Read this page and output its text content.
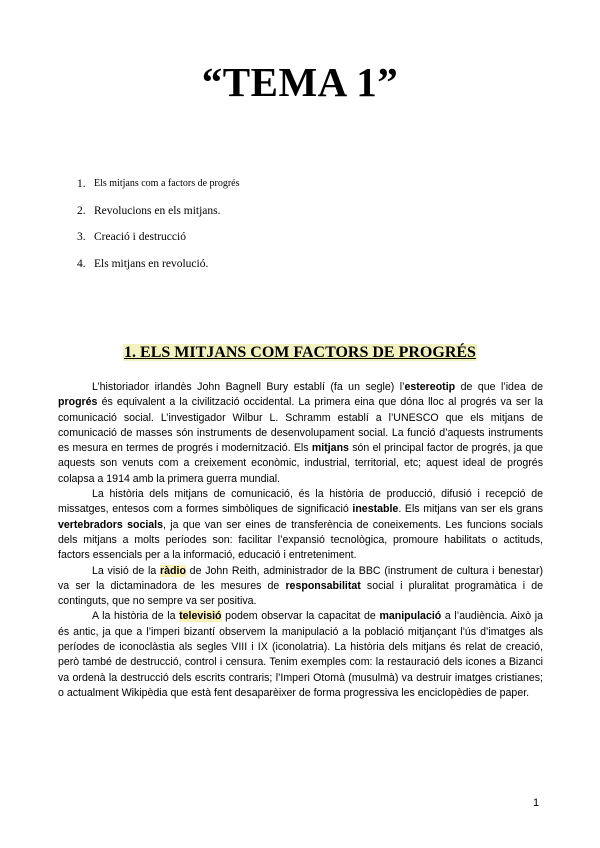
“TEMA 1”
1. Els mitjans com a factors de progrés
2. Revolucions en els mitjans.
3. Creació i destrucció
4. Els mitjans en revolució.
1. ELS MITJANS COM FACTORS DE PROGRÉS

L’historiador irlandès John Bagnell Bury establí (fa un segle) l’estereotip de que l’idea de progrés és equivalent a la civilització occidental. La primera eina que dóna lloc al progrés va ser la comunicació social. L’investigador Wilbur L. Schramm establí a l’UNESCO que els mitjans de comunicació de masses són instruments de desenvolupament social. La funció d’aquests instruments es mesura en termes de progrés i modernització. Els mitjans són el principal factor de progrés, ja que aquests son venuts com a creixement econòmic, industrial, territorial, etc; aquest ideal de progrés colapsa a 1914 amb la primera guerra mundial.

La història dels mitjans de comunicació, és la història de producció, difusió i recepció de missatges, entesos com a formes simbòliques de significació inestable. Els mitjans van ser els grans vertebradors socials, ja que van ser eines de transferència de coneixements. Les funcions socials dels mitjans a molts períodes son: facilitar l’expansió tecnològica, promoure habilitats o actituds, factors essencials per a la informació, educació i entreteniment.

La visió de la ràdio de John Reith, administrador de la BBC (instrument de cultura i benestar) va ser la dictaminadora de les mesures de responsabilitat social i pluralitat programàtica i de continguts, que no sempre va ser positiva.

A la història de la televisió podem observar la capacitat de manipulació a l’audiència. Això ja és antic, ja que a l’imperi bizantí observem la manipulació a la població mitjançant l’ús d’imatges als períodes de iconoclàstia als segles VIII i IX (iconolatria). La història dels mitjans és relat de creació, però també de destrucció, control i censura. Tenim exemples com: la restauració dels icones a Bizanci va ordenà la destrucció dels escrits contraris; l’Imperi Otomà (musulmà) va destruir imatges cristianes; o actualment Wikipèdia que està fent desaparèixer de forma progressiva les enciclopèdies de paper.

1
